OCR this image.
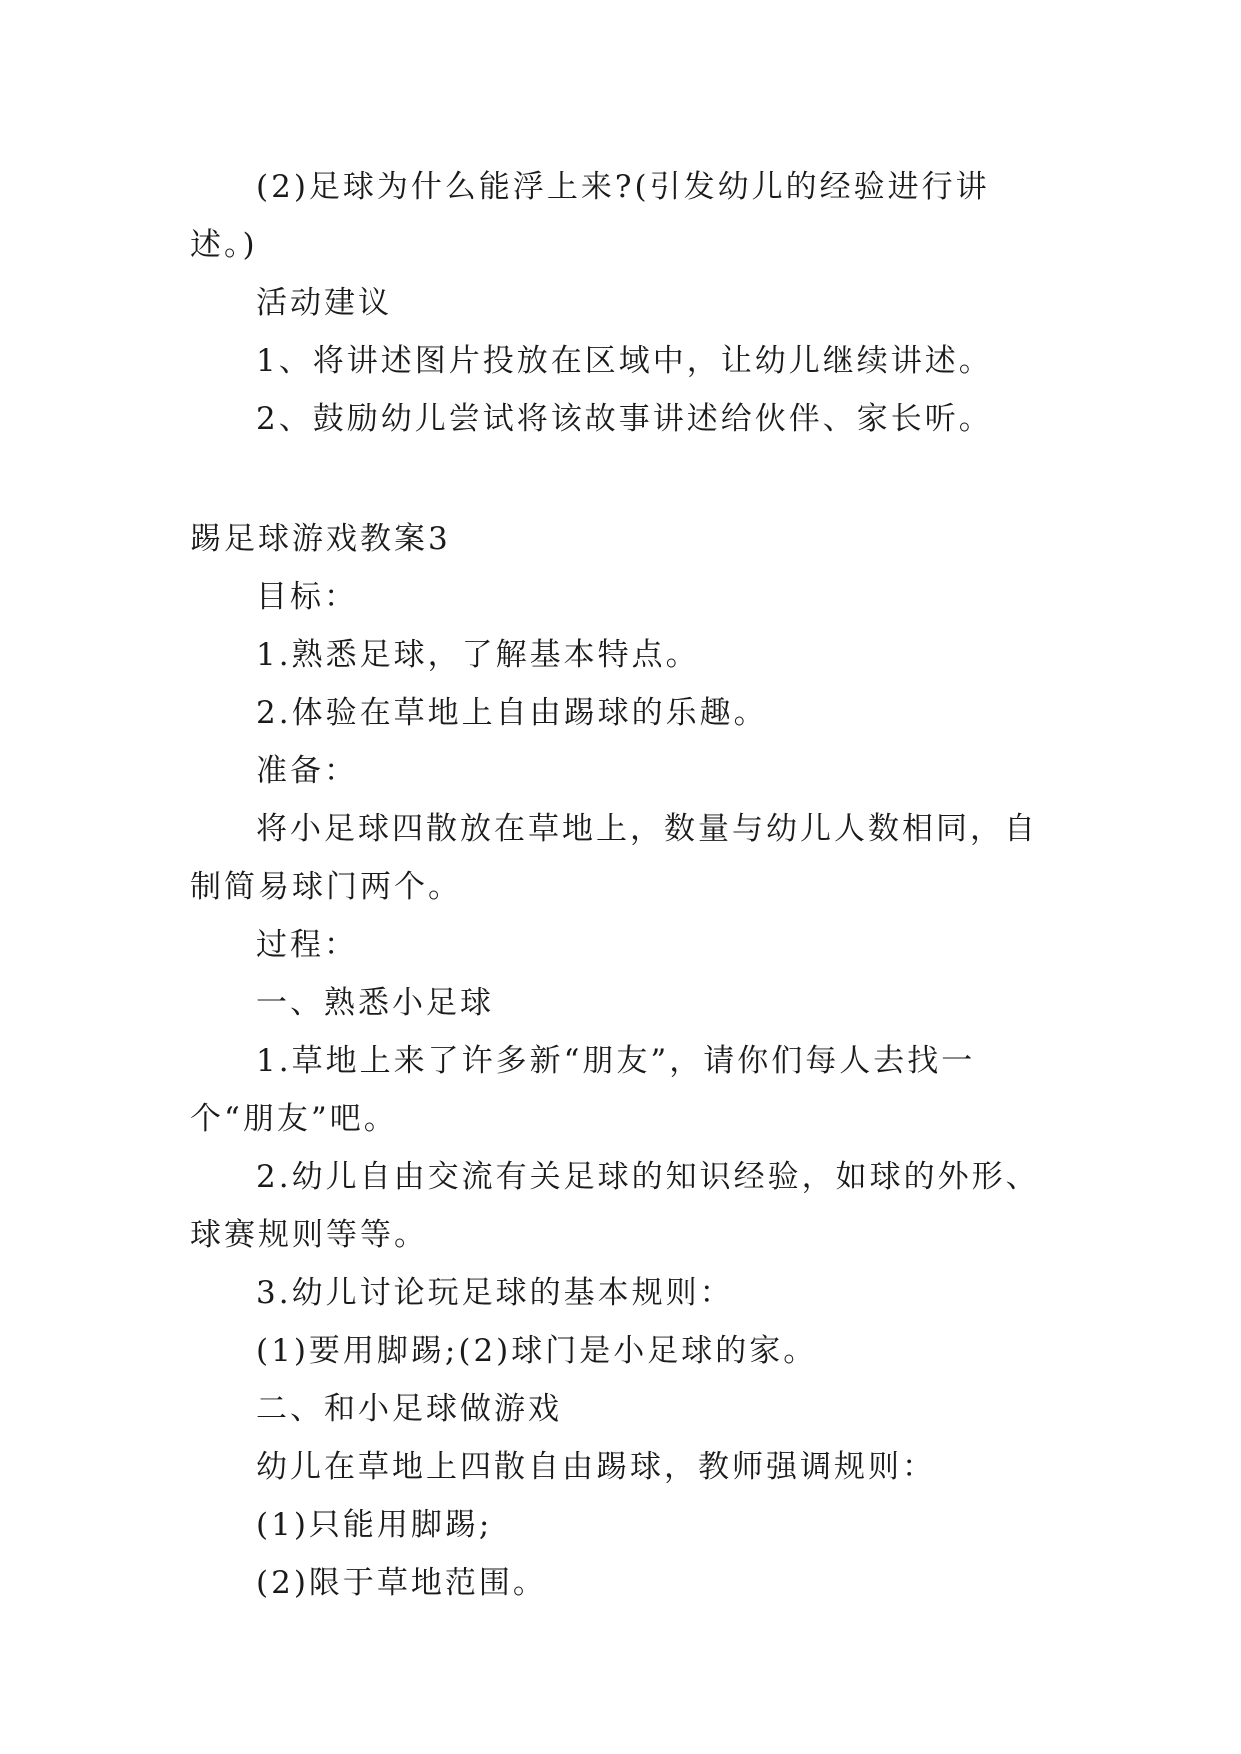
(2)足球为什么能浮上来?(引发幼儿的经验进行讲述。)

活动建议

1、将讲述图片投放在区域中，让幼儿继续讲述。

2、鼓励幼儿尝试将该故事讲述给伙伴、家长听。

踢足球游戏教案3

目标：

1.熟悉足球，了解基本特点。

2.体验在草地上自由踢球的乐趣。

准备：

将小足球四散放在草地上，数量与幼儿人数相同，自制简易球门两个。

过程：

一、熟悉小足球

1.草地上来了许多新“朋友”，请你们每人去找一个“朋友”吧。

2.幼儿自由交流有关足球的知识经验，如球的外形、球赛规则等等。

3.幼儿讨论玩足球的基本规则：

(1)要用脚踢;(2)球门是小足球的家。

二、和小足球做游戏

幼儿在草地上四散自由踢球，教师强调规则：

(1)只能用脚踢;

(2)限于草地范围。
